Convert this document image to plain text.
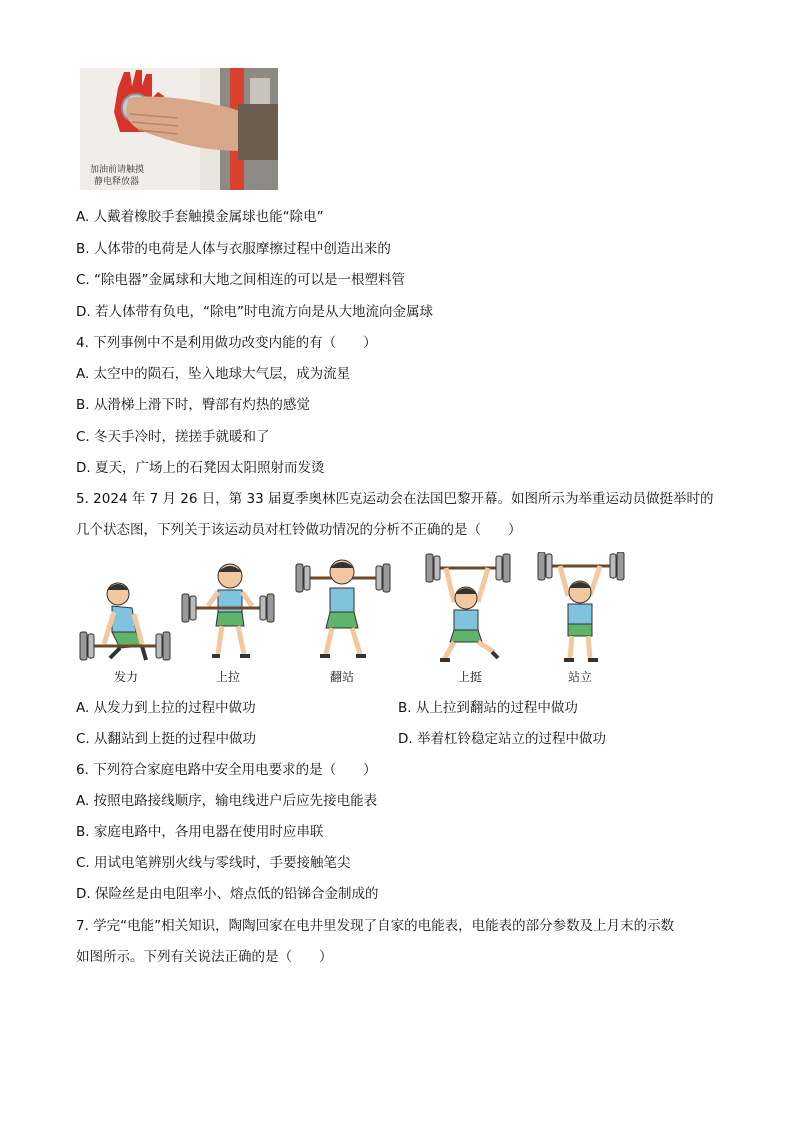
加油前请触摸
静电释放器
A. 人戴着橡胶手套触摸金属球也能“除电”
B. 人体带的电荷是人体与衣服摩擦过程中创造出来的
C. “除电器”金属球和大地之间相连的可以是一根塑料管
D. 若人体带有负电，“除电”时电流方向是从大地流向金属球
4. 下列事例中不是利用做功改变内能的有（　　）
A. 太空中的陨石，坠入地球大气层，成为流星
B. 从滑梯上滑下时，臀部有灼热的感觉
C. 冬天手冷时，搓搓手就暖和了
D. 夏天，广场上的石凳因太阳照射而发烫
5. 2024 年 7 月 26 日，第 33 届夏季奥林匹克运动会在法国巴黎开幕。如图所示为举重运动员做挺举时的
几个状态图，下列关于该运动员对杠铃做功情况的分析不正确的是（　　）
发力	上拉	翻站	上挺	站立
A. 从发力到上拉的过程中做功	B. 从上拉到翻站的过程中做功
C. 从翻站到上挺的过程中做功	D. 举着杠铃稳定站立的过程中做功
6. 下列符合家庭电路中安全用电要求的是（　　）
A. 按照电路接线顺序，输电线进户后应先接电能表
B. 家庭电路中，各用电器在使用时应串联
C. 用试电笔辨别火线与零线时，手要接触笔尖
D. 保险丝是由电阻率小、熔点低的铅锑合金制成的
7. 学完“电能”相关知识，陶陶回家在电井里发现了自家的电能表，电能表的部分参数及上月末的示数
如图所示。下列有关说法正确的是（　　）
